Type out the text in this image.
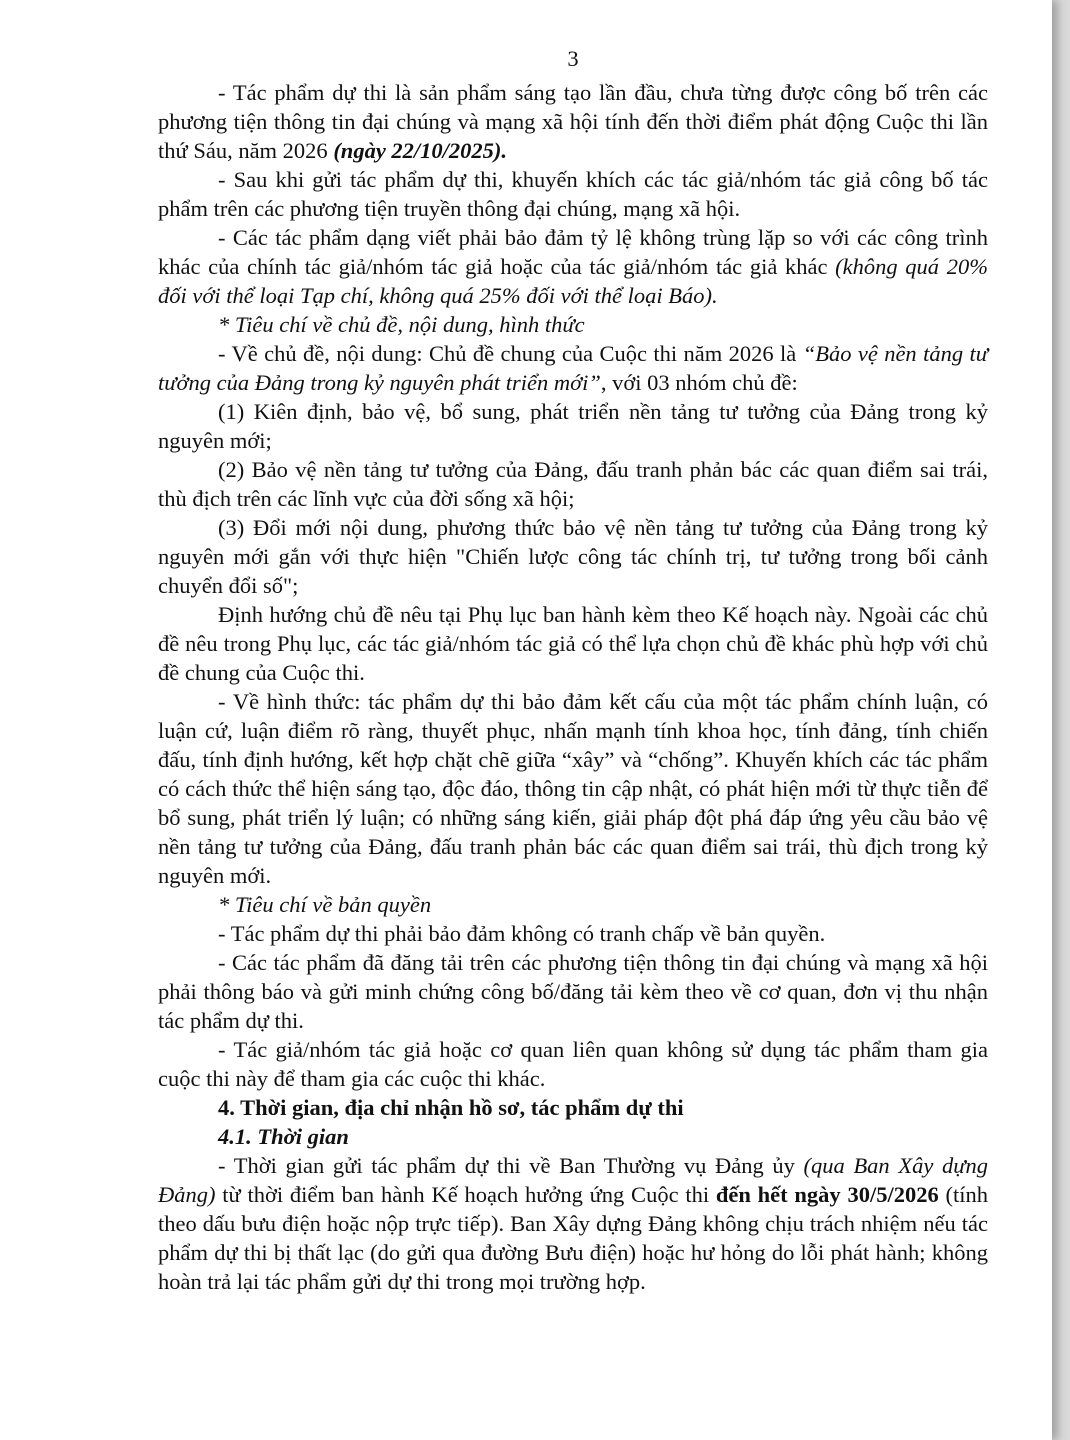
3

- Tác phẩm dự thi là sản phẩm sáng tạo lần đầu, chưa từng được công bố trên các phương tiện thông tin đại chúng và mạng xã hội tính đến thời điểm phát động Cuộc thi lần thứ Sáu, năm 2026 (ngày 22/10/2025).

- Sau khi gửi tác phẩm dự thi, khuyến khích các tác giả/nhóm tác giả công bố tác phẩm trên các phương tiện truyền thông đại chúng, mạng xã hội.

- Các tác phẩm dạng viết phải bảo đảm tỷ lệ không trùng lặp so với các công trình khác của chính tác giả/nhóm tác giả hoặc của tác giả/nhóm tác giả khác (không quá 20% đối với thể loại Tạp chí, không quá 25% đối với thể loại Báo).

* Tiêu chí về chủ đề, nội dung, hình thức

- Về chủ đề, nội dung: Chủ đề chung của Cuộc thi năm 2026 là “Bảo vệ nền tảng tư tưởng của Đảng trong kỷ nguyên phát triển mới”, với 03 nhóm chủ đề:

(1) Kiên định, bảo vệ, bổ sung, phát triển nền tảng tư tưởng của Đảng trong kỷ nguyên mới;

(2) Bảo vệ nền tảng tư tưởng của Đảng, đấu tranh phản bác các quan điểm sai trái, thù địch trên các lĩnh vực của đời sống xã hội;

(3) Đổi mới nội dung, phương thức bảo vệ nền tảng tư tưởng của Đảng trong kỷ nguyên mới gắn với thực hiện "Chiến lược công tác chính trị, tư tưởng trong bối cảnh chuyển đổi số";

Định hướng chủ đề nêu tại Phụ lục ban hành kèm theo Kế hoạch này. Ngoài các chủ đề nêu trong Phụ lục, các tác giả/nhóm tác giả có thể lựa chọn chủ đề khác phù hợp với chủ đề chung của Cuộc thi.

- Về hình thức: tác phẩm dự thi bảo đảm kết cấu của một tác phẩm chính luận, có luận cứ, luận điểm rõ ràng, thuyết phục, nhấn mạnh tính khoa học, tính đảng, tính chiến đấu, tính định hướng, kết hợp chặt chẽ giữa “xây” và “chống”. Khuyến khích các tác phẩm có cách thức thể hiện sáng tạo, độc đáo, thông tin cập nhật, có phát hiện mới từ thực tiễn để bổ sung, phát triển lý luận; có những sáng kiến, giải pháp đột phá đáp ứng yêu cầu bảo vệ nền tảng tư tưởng của Đảng, đấu tranh phản bác các quan điểm sai trái, thù địch trong kỷ nguyên mới.

* Tiêu chí về bản quyền

- Tác phẩm dự thi phải bảo đảm không có tranh chấp về bản quyền.

- Các tác phẩm đã đăng tải trên các phương tiện thông tin đại chúng và mạng xã hội phải thông báo và gửi minh chứng công bố/đăng tải kèm theo về cơ quan, đơn vị thu nhận tác phẩm dự thi.

- Tác giả/nhóm tác giả hoặc cơ quan liên quan không sử dụng tác phẩm tham gia cuộc thi này để tham gia các cuộc thi khác.

4. Thời gian, địa chỉ nhận hồ sơ, tác phẩm dự thi

4.1. Thời gian

- Thời gian gửi tác phẩm dự thi về Ban Thường vụ Đảng ủy (qua Ban Xây dựng Đảng) từ thời điểm ban hành Kế hoạch hưởng ứng Cuộc thi đến hết ngày 30/5/2026 (tính theo dấu bưu điện hoặc nộp trực tiếp). Ban Xây dựng Đảng không chịu trách nhiệm nếu tác phẩm dự thi bị thất lạc (do gửi qua đường Bưu điện) hoặc hư hỏng do lỗi phát hành; không hoàn trả lại tác phẩm gửi dự thi trong mọi trường hợp.
